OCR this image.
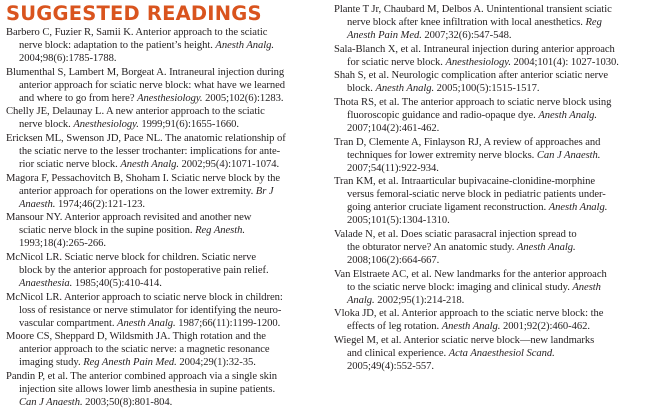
SUGGESTED READINGS

Barbero C, Fuzier R, Samii K. Anterior approach to the sciatic
nerve block: adaptation to the patient’s height. Anesth Analg.
2004;98(6):1785-1788.

Blumenthal S, Lambert M, Borgeat A. Intraneural injection during
anterior approach for sciatic nerve block: what have we learned
and where to go from here? Anesthesiology. 2005;102(6):1283.

Chelly JE, Delaunay L. A new anterior approach to the sciatic
nerve block. Anesthesiology. 1999;91(6):1655-1660.

Ericksen ML, Swenson JD, Pace NL. The anatomic relationship of
the sciatic nerve to the lesser trochanter: implications for ante-
rior sciatic nerve block. Anesth Analg. 2002;95(4):1071-1074.

Magora F, Pessachovitch B, Shoham I. Sciatic nerve block by the
anterior approach for operations on the lower extremity. Br J
Anaesth. 1974;46(2):121-123.

Mansour NY. Anterior approach revisited and another new
sciatic nerve block in the supine position. Reg Anesth.
1993;18(4):265-266.

McNicol LR. Sciatic nerve block for children. Sciatic nerve
block by the anterior approach for postoperative pain relief.
Anaesthesia. 1985;40(5):410-414.

McNicol LR. Anterior approach to sciatic nerve block in children:
loss of resistance or nerve stimulator for identifying the neuro-
vascular compartment. Anesth Analg. 1987;66(11):1199-1200.

Moore CS, Sheppard D, Wildsmith JA. Thigh rotation and the
anterior approach to the sciatic nerve: a magnetic resonance
imaging study. Reg Anesth Pain Med. 2004;29(1):32-35.

Pandin P, et al. The anterior combined approach via a single skin
injection site allows lower limb anesthesia in supine patients.
Can J Anaesth. 2003;50(8):801-804.

Plante T Jr, Chaubard M, Delbos A. Unintentional transient sciatic
nerve block after knee infiltration with local anesthetics. Reg
Anesth Pain Med. 2007;32(6):547-548.

Sala-Blanch X, et al. Intraneural injection during anterior approach
for sciatic nerve block. Anesthesiology. 2004;101(4): 1027-1030.

Shah S, et al. Neurologic complication after anterior sciatic nerve
block. Anesth Analg. 2005;100(5):1515-1517.

Thota RS, et al. The anterior approach to sciatic nerve block using
fluoroscopic guidance and radio-opaque dye. Anesth Analg.
2007;104(2):461-462.

Tran D, Clemente A, Finlayson RJ, A review of approaches and
techniques for lower extremity nerve blocks. Can J Anaesth.
2007;54(11):922-934.

Tran KM, et al. Intraarticular bupivacaine-clonidine-morphine
versus femoral-sciatic nerve block in pediatric patients under-
going anterior cruciate ligament reconstruction. Anesth Analg.
2005;101(5):1304-1310.

Valade N, et al. Does sciatic parasacral injection spread to
the obturator nerve? An anatomic study. Anesth Analg.
2008;106(2):664-667.

Van Elstraete AC, et al. New landmarks for the anterior approach
to the sciatic nerve block: imaging and clinical study. Anesth
Analg. 2002;95(1):214-218.

Vloka JD, et al. Anterior approach to the sciatic nerve block: the
effects of leg rotation. Anesth Analg. 2001;92(2):460-462.

Wiegel M, et al. Anterior sciatic nerve block—new landmarks
and clinical experience. Acta Anaesthesiol Scand.
2005;49(4):552-557.
